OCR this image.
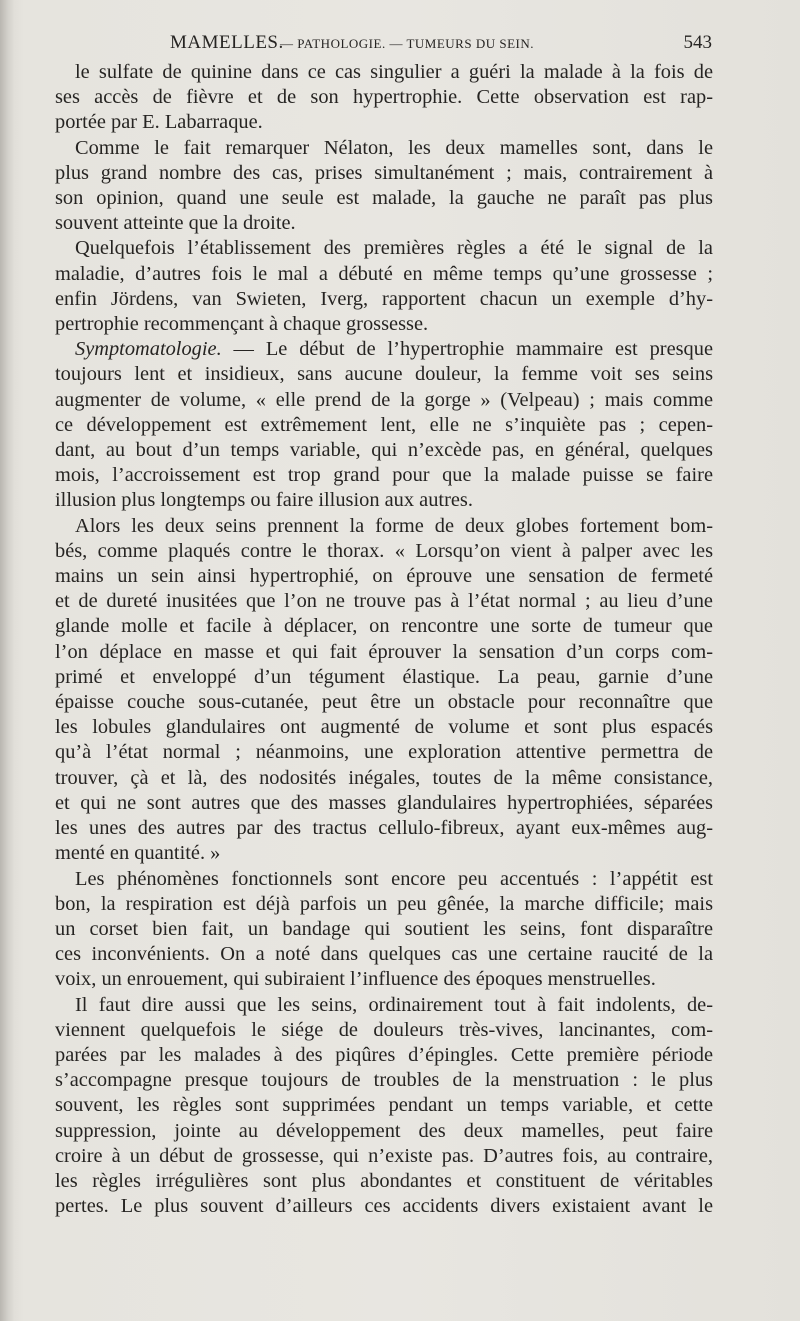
MAMELLES.
— PATHOLOGIE. — TUMEURS DU SEIN.	543

le sulfate de quinine dans ce cas singulier a guéri la malade à la fois de
ses accès de fièvre et de son hypertrophie. Cette observation est rap-
portée par E. Labarraque.

Comme le fait remarquer Nélaton, les deux mamelles sont, dans le
plus grand nombre des cas, prises simultanément ; mais, contrairement à
son opinion, quand une seule est malade, la gauche ne paraît pas plus
souvent atteinte que la droite.

Quelquefois l’établissement des premières règles a été le signal de la
maladie, d’autres fois le mal a débuté en même temps qu’une grossesse ;
enfin Jördens, van Swieten, Iverg, rapportent chacun un exemple d’hy-
pertrophie recommençant à chaque grossesse.

Symptomatologie. — Le début de l’hypertrophie mammaire est presque
toujours lent et insidieux, sans aucune douleur, la femme voit ses seins
augmenter de volume, « elle prend de la gorge » (Velpeau) ; mais comme
ce développement est extrêmement lent, elle ne s’inquiète pas ; cepen-
dant, au bout d’un temps variable, qui n’excède pas, en général, quelques
mois, l’accroissement est trop grand pour que la malade puisse se faire
illusion plus longtemps ou faire illusion aux autres.

Alors les deux seins prennent la forme de deux globes fortement bom-
bés, comme plaqués contre le thorax. « Lorsqu’on vient à palper avec les
mains un sein ainsi hypertrophié, on éprouve une sensation de fermeté
et de dureté inusitées que l’on ne trouve pas à l’état normal ; au lieu d’une
glande molle et facile à déplacer, on rencontre une sorte de tumeur que
l’on déplace en masse et qui fait éprouver la sensation d’un corps com-
primé et enveloppé d’un tégument élastique. La peau, garnie d’une
épaisse couche sous-cutanée, peut être un obstacle pour reconnaître que
les lobules glandulaires ont augmenté de volume et sont plus espacés
qu’à l’état normal ; néanmoins, une exploration attentive permettra de
trouver, çà et là, des nodosités inégales, toutes de la même consistance,
et qui ne sont autres que des masses glandulaires hypertrophiées, séparées
les unes des autres par des tractus cellulo-fibreux, ayant eux-mêmes aug-
menté en quantité. »

Les phénomènes fonctionnels sont encore peu accentués : l’appétit est
bon, la respiration est déjà parfois un peu gênée, la marche difficile; mais
un corset bien fait, un bandage qui soutient les seins, font disparaître
ces inconvénients. On a noté dans quelques cas une certaine raucité de la
voix, un enrouement, qui subiraient l’influence des époques menstruelles.

Il faut dire aussi que les seins, ordinairement tout à fait indolents, de-
viennent quelquefois le siége de douleurs très-vives, lancinantes, com-
parées par les malades à des piqûres d’épingles. Cette première période
s’accompagne presque toujours de troubles de la menstruation : le plus
souvent, les règles sont supprimées pendant un temps variable, et cette
suppression, jointe au développement des deux mamelles, peut faire
croire à un début de grossesse, qui n’existe pas. D’autres fois, au contraire,
les règles irrégulières sont plus abondantes et constituent de véritables
pertes. Le plus souvent d’ailleurs ces accidents divers existaient avant le
